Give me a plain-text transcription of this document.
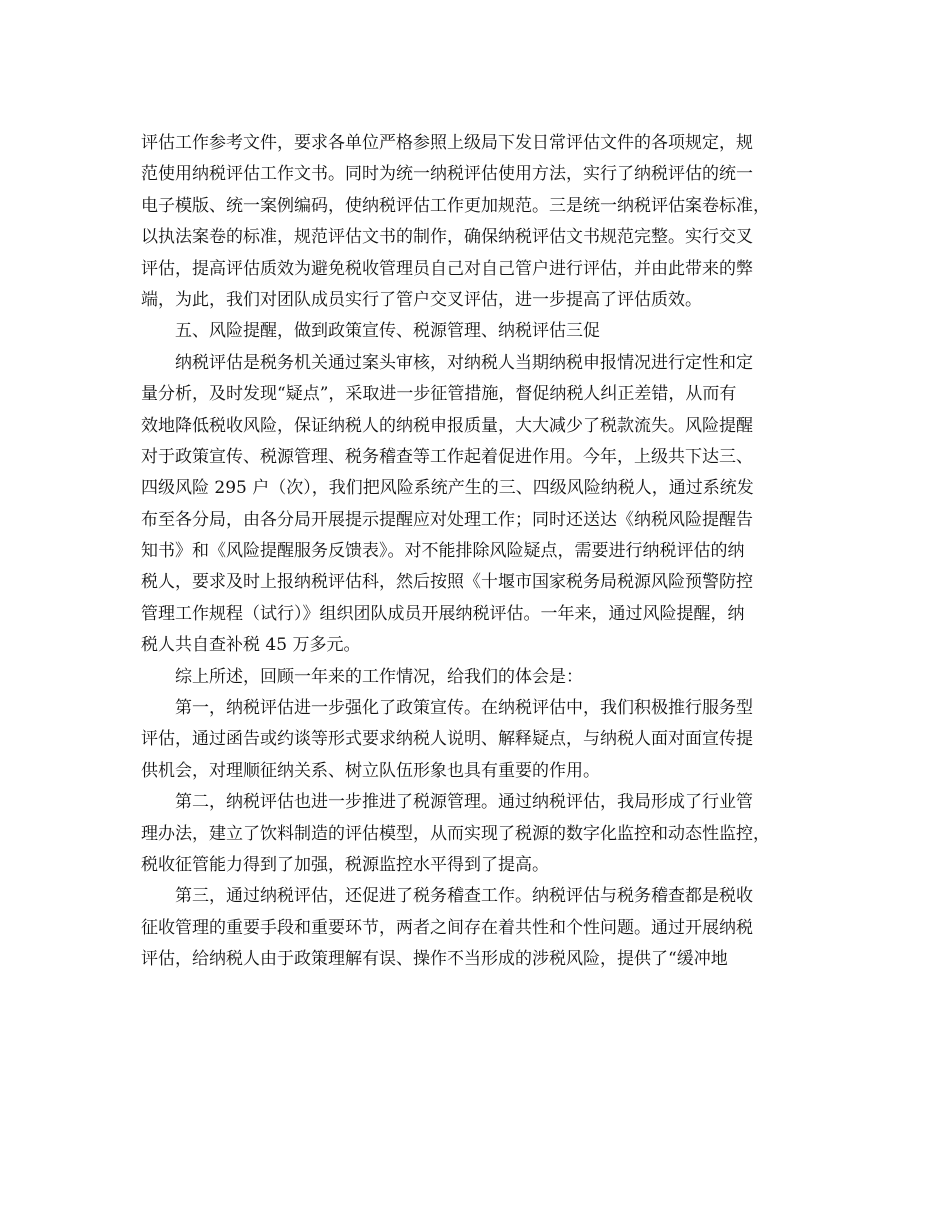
评估工作参考文件，要求各单位严格参照上级局下发日常评估文件的各项规定，规
范使用纳税评估工作文书。同时为统一纳税评估使用方法，实行了纳税评估的统一
电子模版、统一案例编码，使纳税评估工作更加规范。三是统一纳税评估案卷标准，
以执法案卷的标准，规范评估文书的制作，确保纳税评估文书规范完整。实行交叉
评估，提高评估质效为避免税收管理员自己对自己管户进行评估，并由此带来的弊
端，为此，我们对团队成员实行了管户交叉评估，进一步提高了评估质效。
五、风险提醒，做到政策宣传、税源管理、纳税评估三促
纳税评估是税务机关通过案头审核，对纳税人当期纳税申报情况进行定性和定
量分析，及时发现“疑点”，采取进一步征管措施，督促纳税人纠正差错，从而有
效地降低税收风险，保证纳税人的纳税申报质量，大大减少了税款流失。风险提醒
对于政策宣传、税源管理、税务稽查等工作起着促进作用。今年，上级共下达三、
四级风险 295 户（次），我们把风险系统产生的三、四级风险纳税人，通过系统发
布至各分局，由各分局开展提示提醒应对处理工作；同时还送达《纳税风险提醒告
知书》和《风险提醒服务反馈表》。对不能排除风险疑点，需要进行纳税评估的纳
税人，要求及时上报纳税评估科，然后按照《十堰市国家税务局税源风险预警防控
管理工作规程（试行）》组织团队成员开展纳税评估。一年来，通过风险提醒，纳
税人共自查补税 45 万多元。
综上所述，回顾一年来的工作情况，给我们的体会是：
第一，纳税评估进一步强化了政策宣传。在纳税评估中，我们积极推行服务型
评估，通过函告或约谈等形式要求纳税人说明、解释疑点，与纳税人面对面宣传提
供机会，对理顺征纳关系、树立队伍形象也具有重要的作用。
第二，纳税评估也进一步推进了税源管理。通过纳税评估，我局形成了行业管
理办法，建立了饮料制造的评估模型，从而实现了税源的数字化监控和动态性监控，
税收征管能力得到了加强，税源监控水平得到了提高。
第三，通过纳税评估，还促进了税务稽查工作。纳税评估与税务稽查都是税收
征收管理的重要手段和重要环节，两者之间存在着共性和个性问题。通过开展纳税
评估，给纳税人由于政策理解有误、操作不当形成的涉税风险，提供了“缓冲地
